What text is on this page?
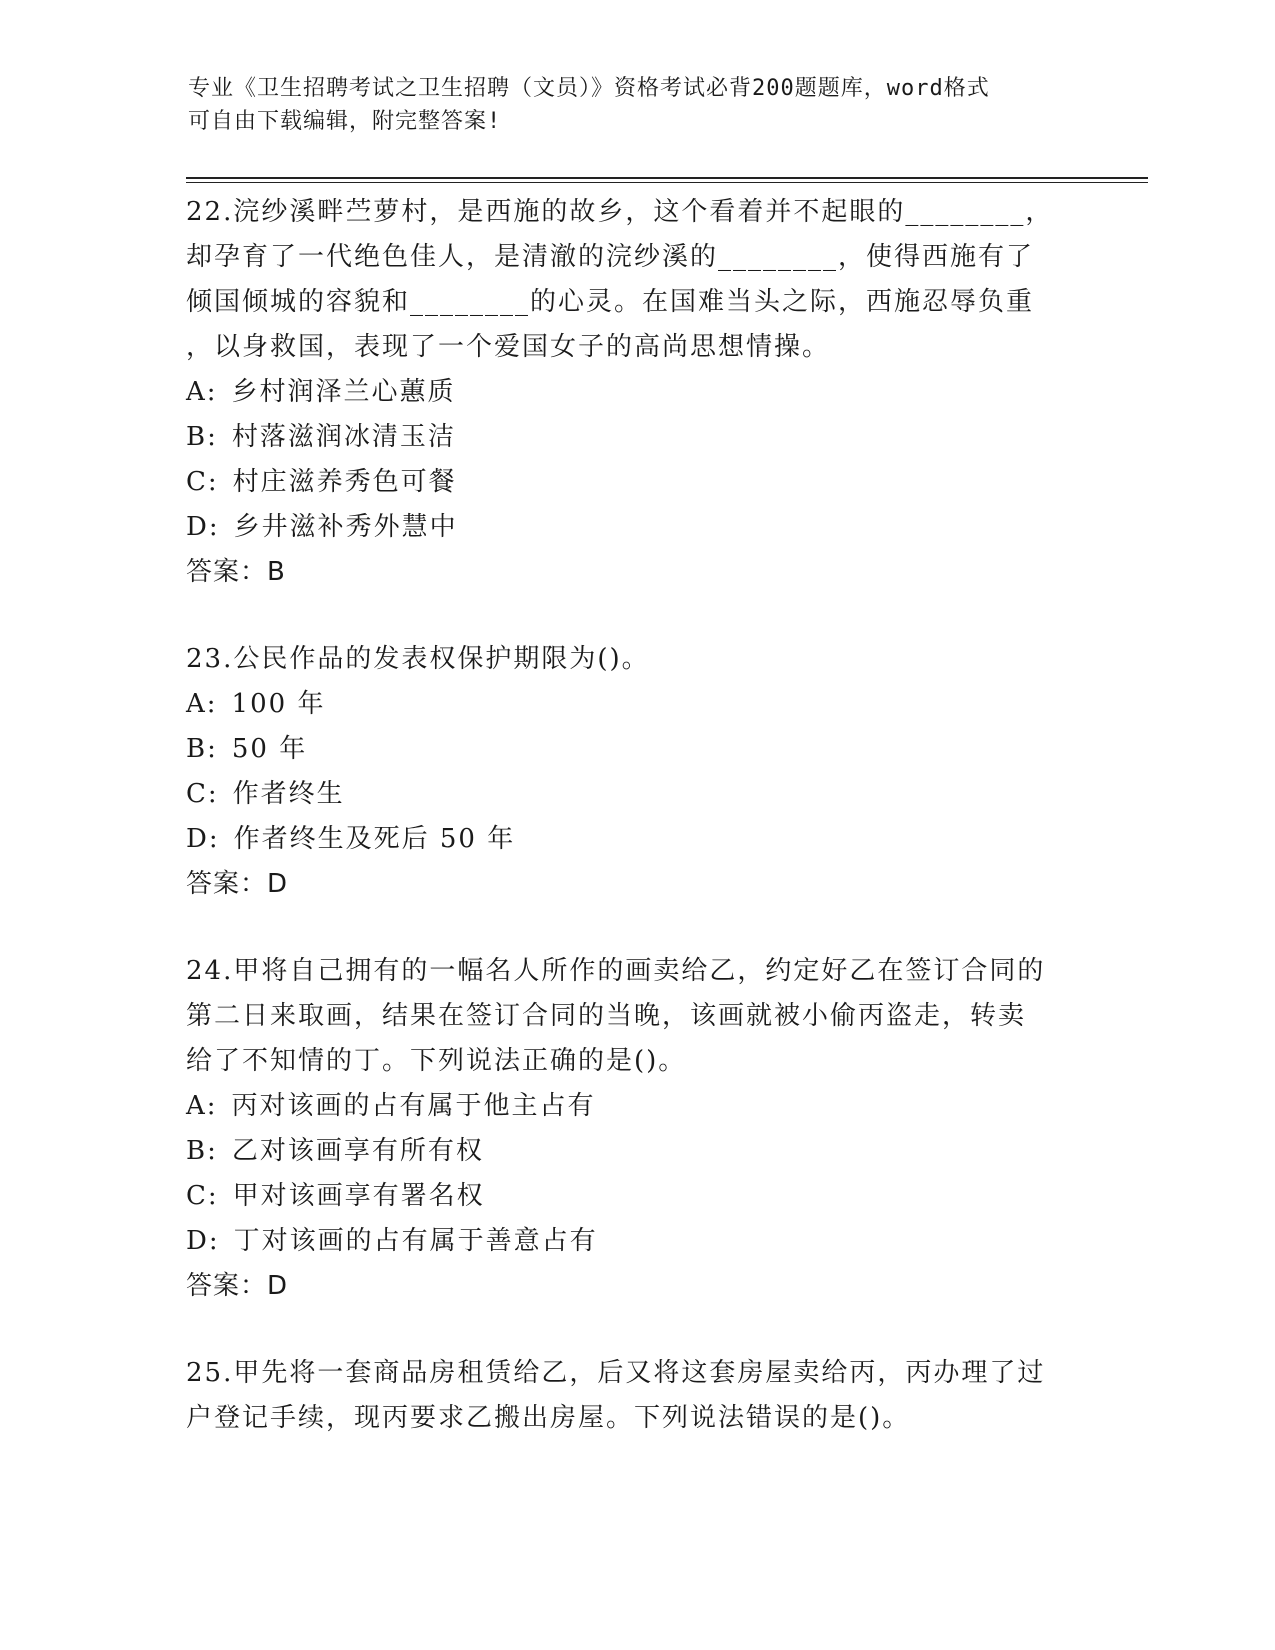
专业《卫生招聘考试之卫生招聘（文员）》资格考试必背200题题库，word格式
可自由下载编辑，附完整答案!

22.浣纱溪畔苎萝村，是西施的故乡，这个看着并不起眼的________，
却孕育了一代绝色佳人，是清澈的浣纱溪的________，使得西施有了
倾国倾城的容貌和________的心灵。在国难当头之际，西施忍辱负重
，以身救国，表现了一个爱国女子的高尚思想情操。

A: 乡村润泽兰心蕙质
B: 村落滋润冰清玉洁
C: 村庄滋养秀色可餐
D: 乡井滋补秀外慧中
答案：B

23.公民作品的发表权保护期限为()。

A: 100 年
B: 50 年
C: 作者终生
D: 作者终生及死后 50 年
答案：D

24.甲将自己拥有的一幅名人所作的画卖给乙，约定好乙在签订合同的
第二日来取画，结果在签订合同的当晚，该画就被小偷丙盗走，转卖
给了不知情的丁。下列说法正确的是()。

A: 丙对该画的占有属于他主占有
B: 乙对该画享有所有权
C: 甲对该画享有署名权
D: 丁对该画的占有属于善意占有
答案：D

25.甲先将一套商品房租赁给乙，后又将这套房屋卖给丙，丙办理了过
户登记手续，现丙要求乙搬出房屋。下列说法错误的是()。
